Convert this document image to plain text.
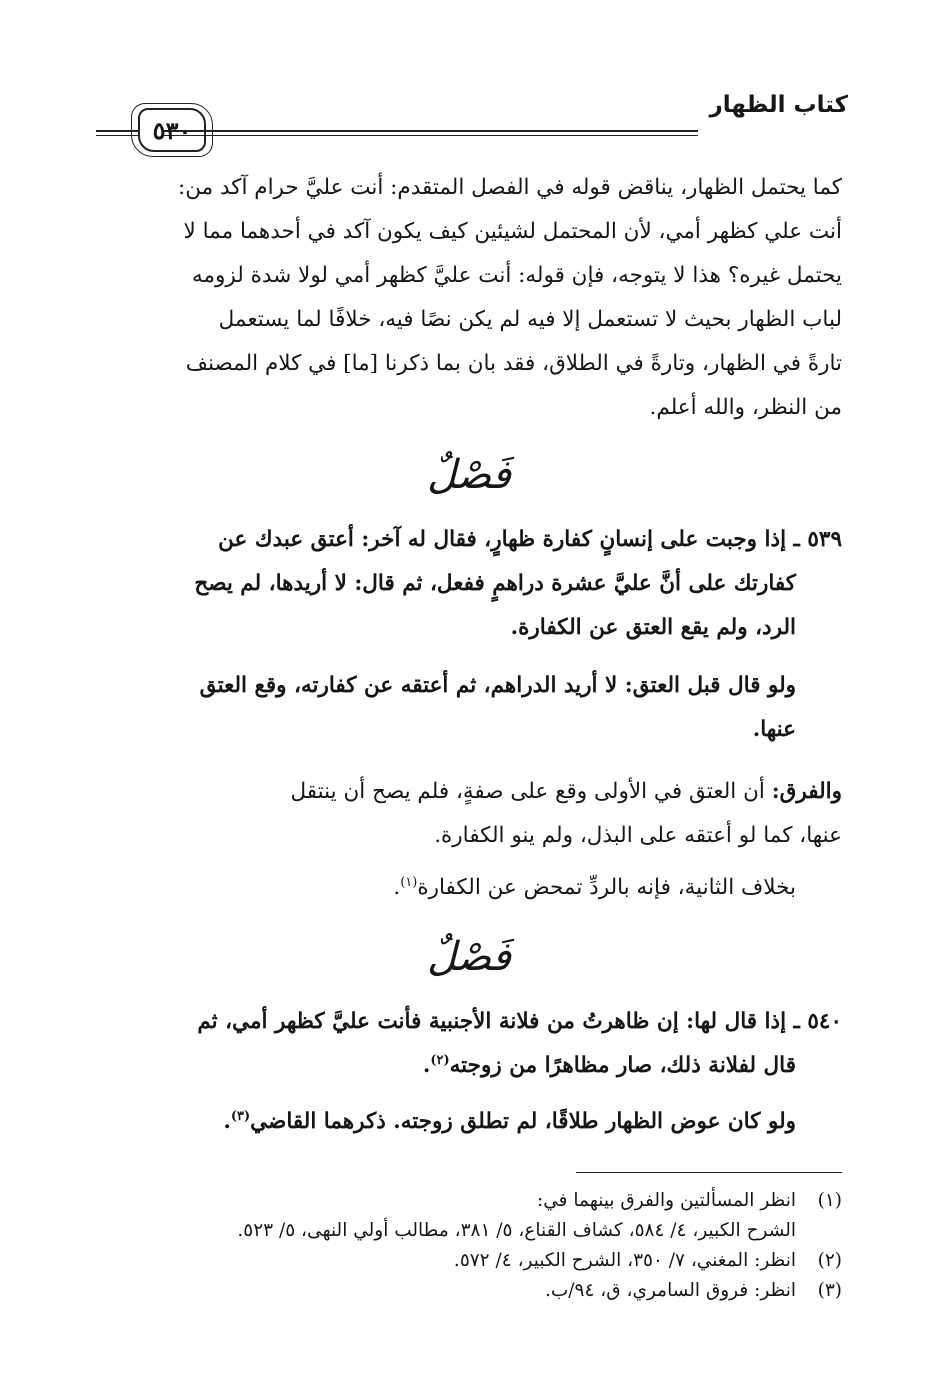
كتاب الظهار
٥٣٠

كما يحتمل الظهار، يناقض قوله في الفصل المتقدم: أنت عليَّ حرام آكد من:

أنت علي كظهر أمي، لأن المحتمل لشيئين كيف يكون آكد في أحدهما مما لا

يحتمل غيره؟ هذا لا يتوجه، فإن قوله: أنت عليَّ كظهر أمي لولا شدة لزومه

لباب الظهار بحيث لا تستعمل إلا فيه لم يكن نصًا فيه، خلافًا لما يستعمل

تارةً في الظهار، وتارةً في الطلاق، فقد بان بما ذكرنا [ما] في كلام المصنف

من النظر، والله أعلم.

فَصْلٌ

٥٣٩ ـ إذا وجبت على إنسانٍ كفارة ظهارٍ، فقال له آخر: أعتق عبدك عن

كفارتك على أنَّ عليَّ عشرة دراهمٍ ففعل، ثم قال: لا أريدها، لم يصح

الرد، ولم يقع العتق عن الكفارة.

ولو قال قبل العتق: لا أريد الدراهم، ثم أعتقه عن كفارته، وقع العتق

عنها.

والفرق: أن العتق في الأولى وقع على صفةٍ، فلم يصح أن ينتقل

عنها، كما لو أعتقه على البذل، ولم ينو الكفارة.

بخلاف الثانية، فإنه بالردِّ تمحض عن الكفارة$^{(١)}$.

فَصْلٌ

٥٤٠ ـ إذا قال لها: إن ظاهرتُ من فلانة الأجنبية فأنت عليَّ كظهر أمي، ثم

قال لفلانة ذلك، صار مظاهرًا من زوجته$^{(٢)}$.

ولو كان عوض الظهار طلاقًا، لم تطلق زوجته. ذكرهما القاضي$^{(٣)}$.

(١)انظر المسألتين والفرق بينهما في:

الشرح الكبير، ٤/ ٥٨٤، كشاف القناع، ٥/ ٣٨١، مطالب أولي النهى، ٥/ ٥٢٣.

(٢)انظر: المغني، ٧/ ٣٥٠، الشرح الكبير، ٤/ ٥٧٢.

(٣)انظر: فروق السامري، ق، ٩٤/ب.
